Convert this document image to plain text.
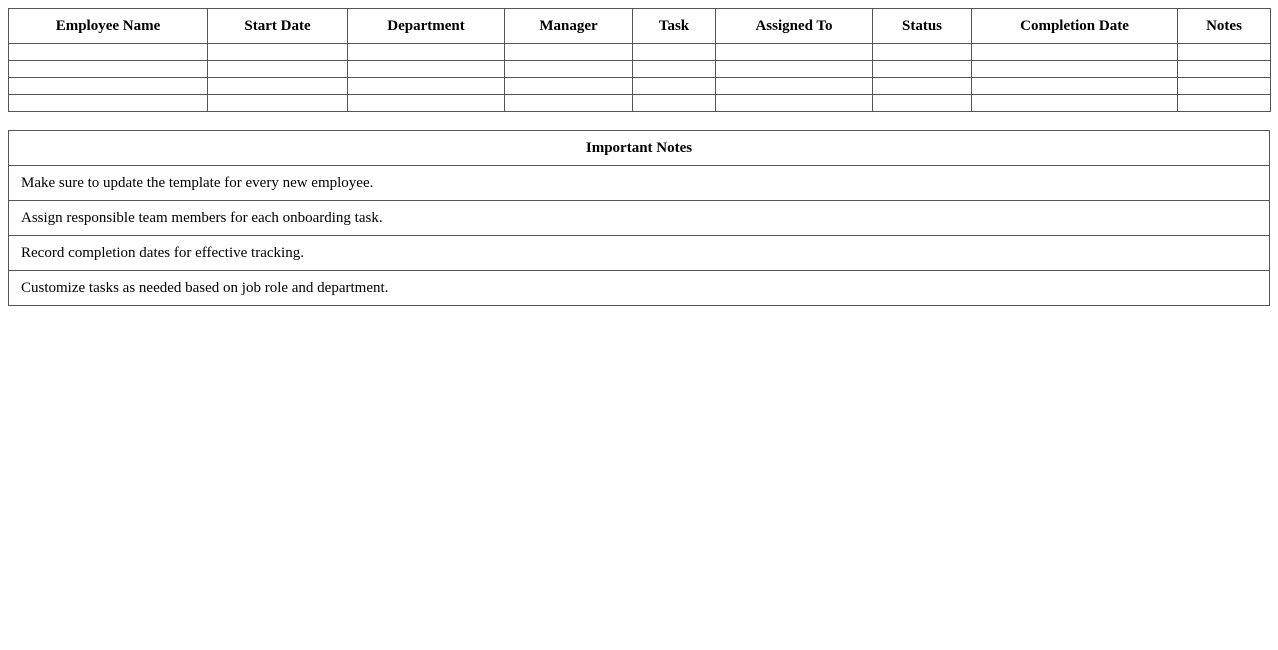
Employee Name	Start Date	Department	Manager	Task	Assigned To	Status	Completion Date	Notes

Important Notes
Make sure to update the template for every new employee.
Assign responsible team members for each onboarding task.
Record completion dates for effective tracking.
Customize tasks as needed based on job role and department.
